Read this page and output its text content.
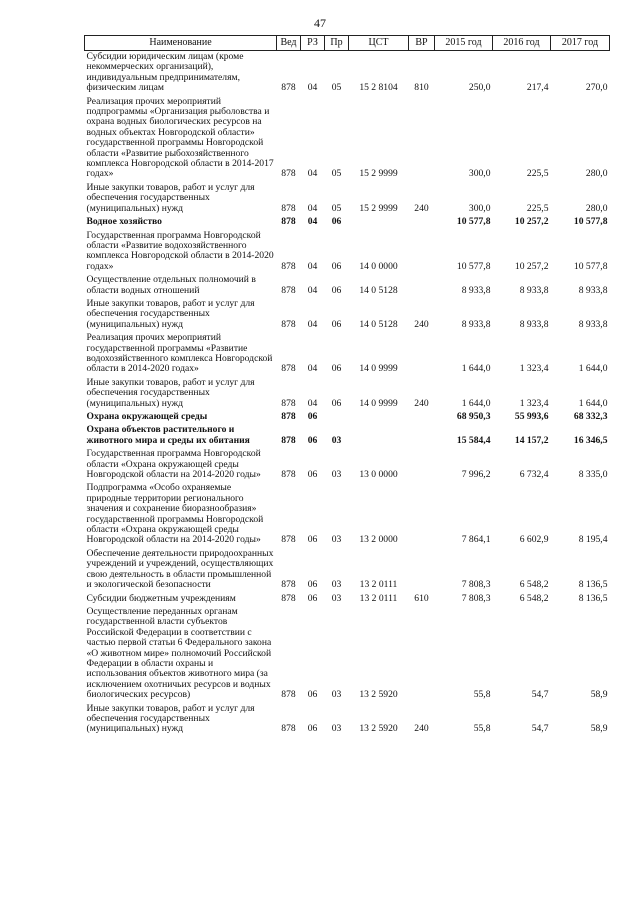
47
Наименование	Вед	РЗ	Пр	ЦСТ	ВР	2015 год	2016 год	2017 год
Субсидии юридическим лицам (кроме некоммерческих организаций), индивидуальным предпринимателям, физическим лицам	878	04	05	15 2 8104	810	250,0	217,4	270,0
Реализация прочих мероприятий подпрограммы «Организация рыболовства и охрана водных биологических ресурсов на водных объектах Новгородской области» государственной программы Новгородской области «Развитие рыбохозяйственного комплекса Новгородской области в 2014-2017 годах»	878	04	05	15 2 9999		300,0	225,5	280,0
Иные закупки товаров, работ и услуг для обеспечения государственных (муниципальных) нужд	878	04	05	15 2 9999	240	300,0	225,5	280,0
Водное хозяйство	878	04	06			10 577,8	10 257,2	10 577,8
Государственная программа Новгородской области «Развитие водохозяйственного комплекса Новгородской области в 2014-2020 годах»	878	04	06	14 0 0000		10 577,8	10 257,2	10 577,8
Осуществление отдельных полномочий в области водных отношений	878	04	06	14 0 5128		8 933,8	8 933,8	8 933,8
Иные закупки товаров, работ и услуг для обеспечения государственных (муниципальных) нужд	878	04	06	14 0 5128	240	8 933,8	8 933,8	8 933,8
Реализация прочих мероприятий государственной программы «Развитие водохозяйственного комплекса Новгородской области в 2014-2020 годах»	878	04	06	14 0 9999		1 644,0	1 323,4	1 644,0
Иные закупки товаров, работ и услуг для обеспечения государственных (муниципальных) нужд	878	04	06	14 0 9999	240	1 644,0	1 323,4	1 644,0
Охрана окружающей среды	878	06				68 950,3	55 993,6	68 332,3
Охрана объектов растительного и животного мира и среды их обитания	878	06	03			15 584,4	14 157,2	16 346,5
Государственная программа Новгородской области «Охрана окружающей среды Новгородской области на 2014-2020 годы»	878	06	03	13 0 0000		7 996,2	6 732,4	8 335,0
Подпрограмма «Особо охраняемые природные территории регионального значения и сохранение биоразнообразия» государственной программы Новгородской области «Охрана окружающей среды Новгородской области на 2014-2020 годы»	878	06	03	13 2 0000		7 864,1	6 602,9	8 195,4
Обеспечение деятельности природоохранных учреждений и учреждений, осуществляющих свою деятельность в области промышленной и экологической безопасности	878	06	03	13 2 0111		7 808,3	6 548,2	8 136,5
Субсидии бюджетным учреждениям	878	06	03	13 2 0111	610	7 808,3	6 548,2	8 136,5
Осуществление переданных органам государственной власти субъектов Российской Федерации в соответствии с частью первой статьи 6 Федерального закона «О животном мире» полномочий Российской Федерации в области охраны и использования объектов животного мира (за исключением охотничьих ресурсов и водных биологических ресурсов)	878	06	03	13 2 5920		55,8	54,7	58,9
Иные закупки товаров, работ и услуг для обеспечения государственных (муниципальных) нужд	878	06	03	13 2 5920	240	55,8	54,7	58,9
